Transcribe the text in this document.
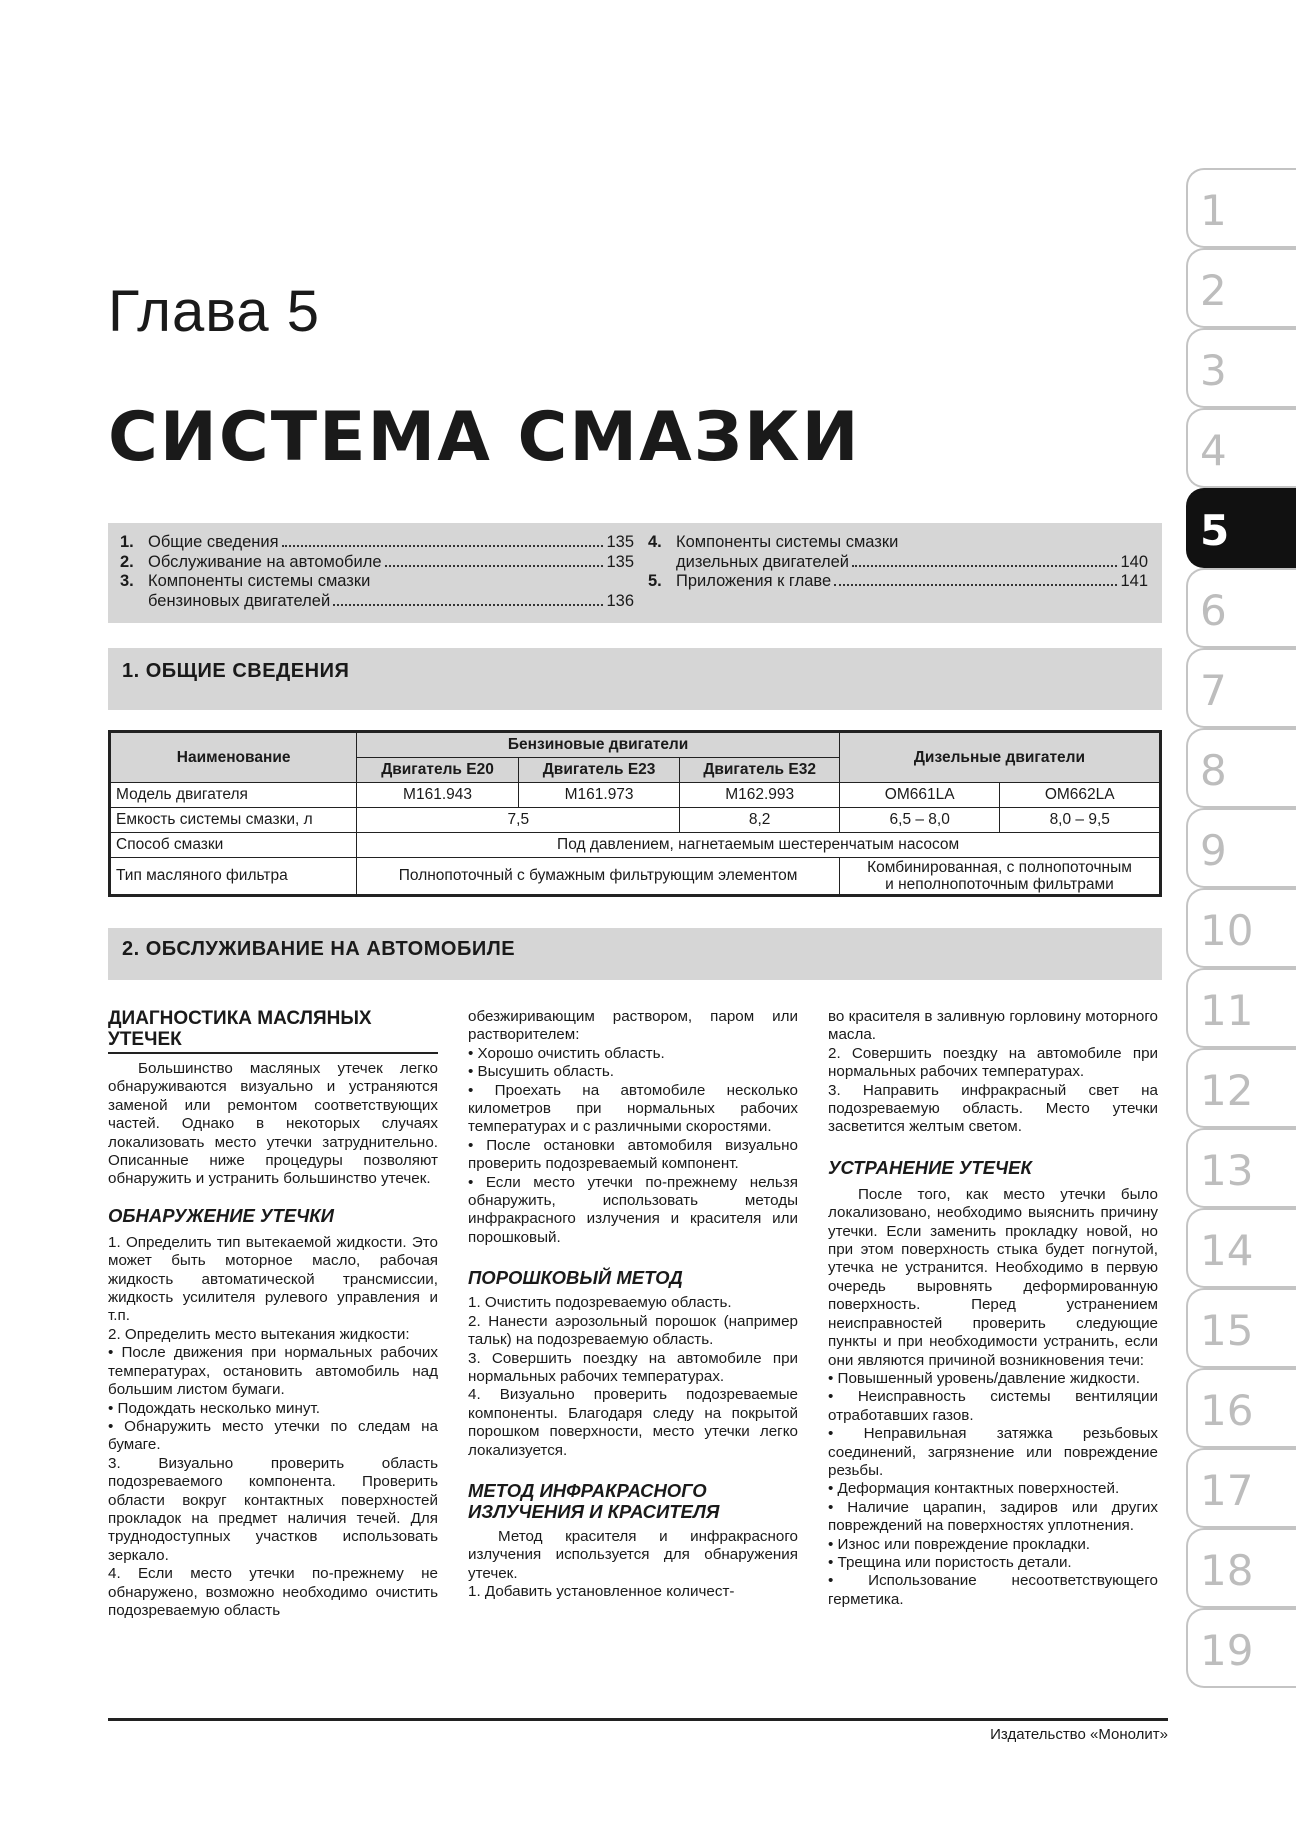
Глава 5
СИСТЕМА СМАЗКИ
1. Общие сведения	135
2. Обслуживание на автомобиле	135
3. Компоненты системы смазки
бензиновых двигателей	136
4. Компоненты системы смазки
дизельных двигателей	140
5. Приложения к главе	141
1. ОБЩИЕ СВЕДЕНИЯ
Наименование	Бензиновые двигатели			Дизельные двигатели	
	Двигатель E20	Двигатель E23	Двигатель E32		
Модель двигателя	M161.943	M161.973	M162.993	OM661LA	OM662LA
Емкость системы смазки, л	7,5		8,2	6,5 – 8,0	8,0 – 9,5
Способ смазки	Под давлением, нагнетаемым шестеренчатым насосом				
Тип масляного фильтра	Полнопоточный с бумажным фильтрующим элементом			Комбинированная, с полнопоточным
и неполнопоточным фильтрами	
2. ОБСЛУЖИВАНИЕ НА АВТОМОБИЛЕ
ДИАГНОСТИКА МАСЛЯНЫХ
УТЕЧЕК

Большинство масляных утечек легко обнаруживаются визуально и устраняются заменой или ремонтом соответствующих частей. Однако в некоторых случаях локализовать место утечки затруднительно. Описанные ниже процедуры позволяют обнаружить и устранить большинство утечек.

ОБНАРУЖЕНИЕ УТЕЧКИ

1. Определить тип вытекаемой жидкости. Это может быть моторное масло, рабочая жидкость автоматической трансмиссии, жидкость усилителя рулевого управления и т.п.

2. Определить место вытекания жидкости:

• После движения при нормальных рабочих температурах, остановить автомобиль над большим листом бумаги.

• Подождать несколько минут.

• Обнаружить место утечки по следам на бумаге.

3. Визуально проверить область подозреваемого компонента. Проверить области вокруг контактных поверхностей прокладок на предмет наличия течей. Для труднодоступных участков использовать зеркало.

4. Если место утечки по-прежнему не обнаружено, возможно необходимо очистить подозреваемую область

обезжиривающим раствором, паром или растворителем:

• Хорошо очистить область.

• Высушить область.

• Проехать на автомобиле несколько километров при нормальных рабочих температурах и с различными скоростями.

• После остановки автомобиля визуально проверить подозреваемый компонент.

• Если место утечки по-прежнему нельзя обнаружить, использовать методы инфракрасного излучения и красителя или порошковый.

ПОРОШКОВЫЙ МЕТОД

1. Очистить подозреваемую область.

2. Нанести аэрозольный порошок (например тальк) на подозреваемую область.

3. Совершить поездку на автомобиле при нормальных рабочих температурах.

4. Визуально проверить подозреваемые компоненты. Благодаря следу на покрытой порошком поверхности, место утечки легко локализуется.

МЕТОД ИНФРАКРАСНОГО
ИЗЛУЧЕНИЯ И КРАСИТЕЛЯ

Метод красителя и инфракрасного излучения используется для обнаружения утечек.

1. Добавить установленное количест-

во красителя в заливную горловину моторного масла.

2. Совершить поездку на автомобиле при нормальных рабочих температурах.

3. Направить инфракрасный свет на подозреваемую область. Место утечки засветится желтым светом.

УСТРАНЕНИЕ УТЕЧЕК

После того, как место утечки было локализовано, необходимо выяснить причину утечки. Если заменить прокладку новой, но при этом поверхность стыка будет погнутой, утечка не устранится. Необходимо в первую очередь выровнять деформированную поверхность. Перед устранением неисправностей проверить следующие пункты и при необходимости устранить, если они являются причиной возникновения течи:

• Повышенный уровень/давление жидкости.

• Неисправность системы вентиляции отработавших газов.

• Неправильная затяжка резьбовых соединений, загрязнение или повреждение резьбы.

• Деформация контактных поверхностей.

• Наличие царапин, задиров или других повреждений на поверхностях уплотнения.

• Износ или повреждение прокладки.

• Трещина или пористость детали.

• Использование несоответствующего герметика.

1
2
3
4
5
6
7
8
9
10
11
12
13
14
15
16
17
18
19
Издательство «Монолит»
